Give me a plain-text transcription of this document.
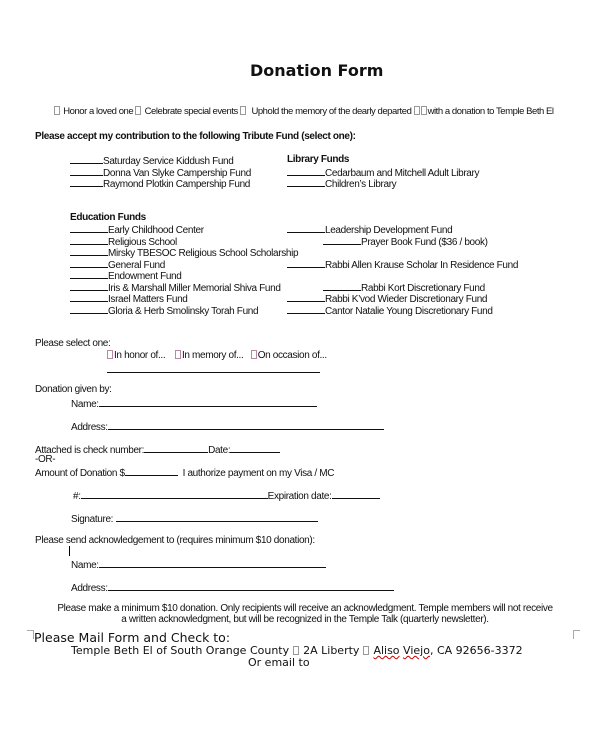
Donation Form
Honor a loved one Celebrate special events Uphold the memory of the dearly departed with a donation to Temple Beth El
Please accept my contribution to the following Tribute Fund (select one):
Saturday Service Kiddush Fund
Donna Van Slyke Campership Fund
Raymond Plotkin Campership Fund
Library Funds
Cedarbaum and Mitchell Adult Library
Children’s Library
Education Funds
Early Childhood Center
Religious School
Mirsky TBESOC Religious School Scholarship
General Fund
Endowment Fund
Iris & Marshall Miller Memorial Shiva Fund
Israel Matters Fund
Gloria & Herb Smolinsky Torah Fund
Leadership Development Fund
Prayer Book Fund ($36 / book)
Rabbi Allen Krause Scholar In Residence Fund
Rabbi Kort Discretionary Fund
Rabbi K’vod Wieder Discretionary Fund
Cantor Natalie Young Discretionary Fund
Please select one:
In honor of... In memory of... On occasion of...
Donation given by:
Name:
Address:
Attached is check number:	Date:
-OR-
Amount of Donation $	I authorize payment on my Visa / MC
#:	Expiration date:
Signature:
Please send acknowledgement to (requires minimum $10 donation):
Name:
Address:
Please make a minimum $10 donation. Only recipients will receive an acknowledgment. Temple members will not receive
a written acknowledgment, but will be recognized in the Temple Talk (quarterly newsletter).
Please Mail Form and Check to:
Temple Beth El of South Orange County 2A Liberty Aliso Viejo, CA 92656-3372
Or email to
